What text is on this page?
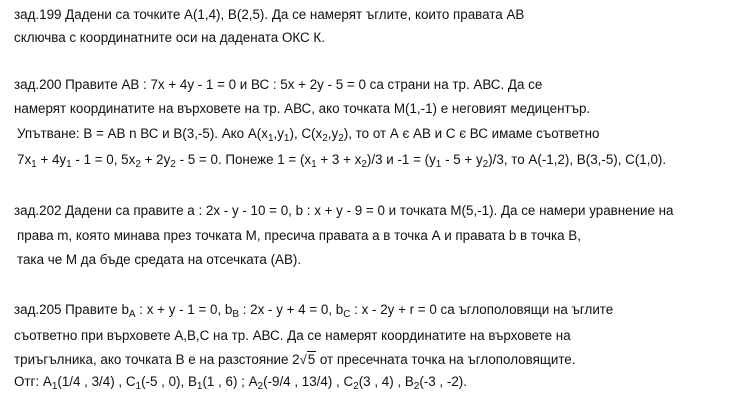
зад.199 Дадени са точките А(1,4), B(2,5). Да се намерят ъглите, които правата АВ
сключва с координатните оси на дадената ОКС К.
зад.200 Правите АВ : 7х + 4у - 1 = 0 и ВС : 5х + 2у - 5 = 0 са страни на тр. АВС. Да се
намерят координатите на върховете на тр. АВС, ако точката М(1,-1) е неговият медицентър.
Упътване: В = АВ n ВС и В(3,-5). Ако $А(х_1,у_1)$, $С(х_2,у_2)$, то от А є АВ и С є ВС имаме съответно
$7х_1 + 4у_1 - 1 = 0$, $5х_2 + 2у_2 - 5 = 0$. Понеже $1 = (х_1 + 3 + х_2)/3$ и $-1 = (у_1 - 5 + у_2)/3$, то А(-1,2), В(3,-5), С(1,0).
зад.202 Дадени са правите а : 2х - у - 10 = 0, b : х + у - 9 = 0 и точката М(5,-1). Да се намери уравнение на
права m, която минава през точката М, пресича правата а в точка А и правата b в точка В,
така че М да бъде средата на отсечката (АВ).
зад.205 Правите $b_A$ : х + у - 1 = 0, $b_B$ : 2х - у + 4 = 0, $b_C$ : х - 2у + r = 0 са ъглополовящи на ъглите
съответно при върховете А,В,С на тр. АВС. Да се намерят координатите на върховете на
триъгълника, ако точката В е на разстояние 2√5 от пресечната точка на ъглополовящите.
Отг: $А_1(1/4$ , 3/4) , $С_1(-5$ , 0), $В_1(1$ , 6) ; $А_2(-9/4$ , 13/4) , $С_2(3$ , 4) , $В_2(-3$ , -2).
